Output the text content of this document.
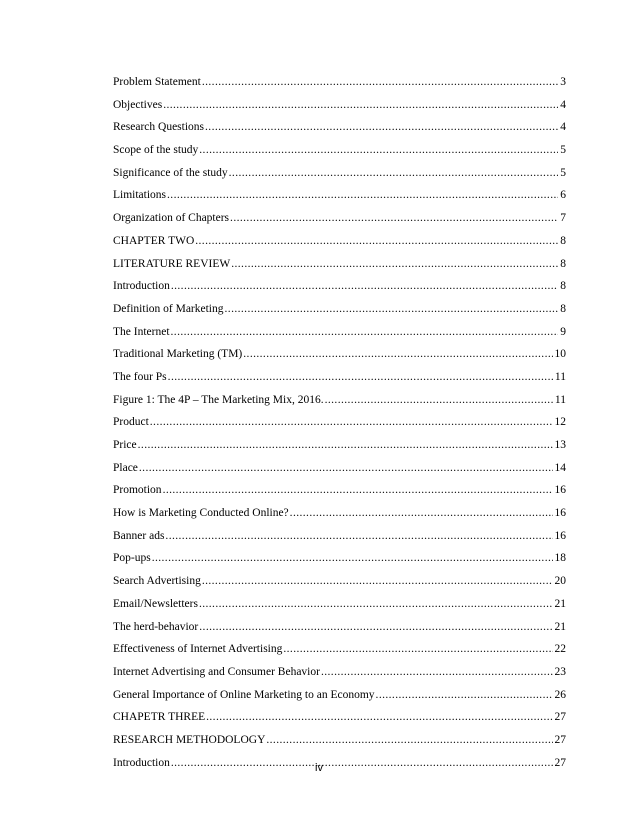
Problem Statement .....	3
Objectives .....	4
Research Questions .....	4
Scope of the study .....	5
Significance of the study .....	5
Limitations .....	6
Organization of Chapters .....	7
CHAPTER TWO .....	8
LITERATURE REVIEW .....	8
Introduction .....	8
Definition of Marketing .....	8
The Internet .....	9
Traditional Marketing (TM) .....	10
The four Ps .....	11
Figure 1: The 4P – The Marketing Mix, 2016. .....	11
Product .....	12
Price .....	13
Place .....	14
Promotion .....	16
How is Marketing Conducted Online? .....	16
Banner ads .....	16
Pop-ups .....	18
Search Advertising .....	20
Email/Newsletters .....	21
The herd-behavior .....	21
Effectiveness of Internet Advertising .....	22
Internet Advertising and Consumer Behavior .....	23
General Importance of Online Marketing to an Economy .....	26
CHAPETR THREE .....	27
RESEARCH METHODOLOGY .....	27
Introduction .....	27
iv
